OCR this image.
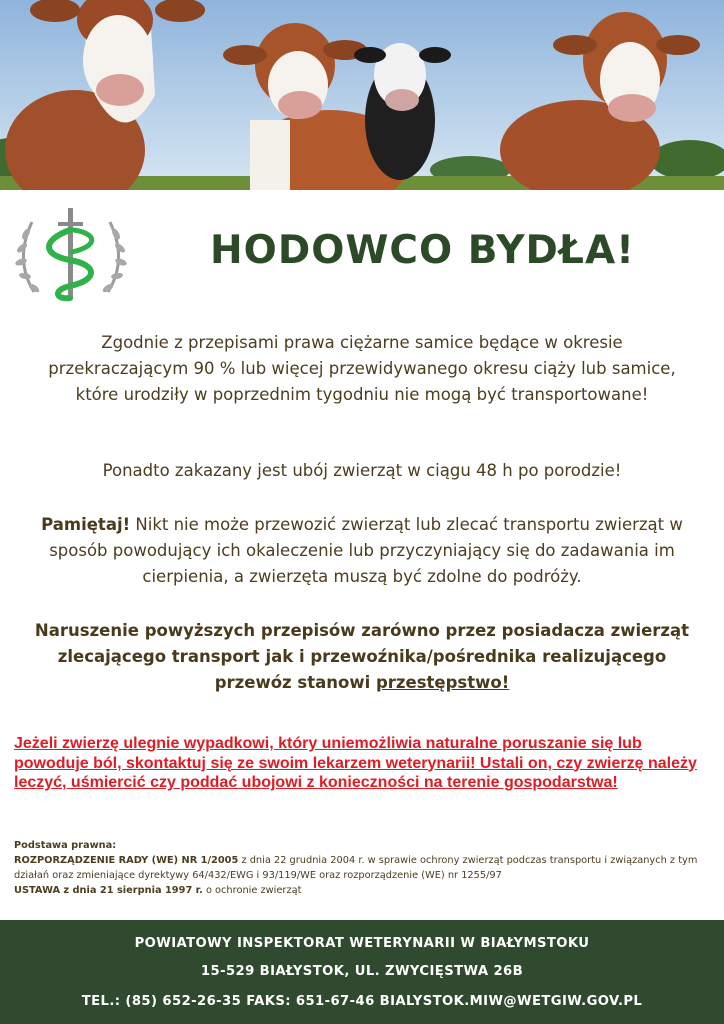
HODOWCO BYDŁA!

Zgodnie z przepisami prawa ciężarne samice będące w okresie przekraczającym 90 % lub więcej przewidywanego okresu ciąży lub samice, które urodziły w poprzednim tygodniu nie mogą być transportowane!

Ponadto zakazany jest ubój zwierząt w ciągu 48 h po porodzie!

Pamiętaj! Nikt nie może przewozić zwierząt lub zlecać transportu zwierząt w sposób powodujący ich okaleczenie lub przyczyniający się do zadawania im cierpienia, a zwierzęta muszą być zdolne do podróży.

Naruszenie powyższych przepisów zarówno przez posiadacza zwierząt zlecającego transport jak i przewoźnika/pośrednika realizującego przewóz stanowi przestępstwo!

Jeżeli zwierzę ulegnie wypadkowi, który uniemożliwia naturalne poruszanie się lub powoduje ból, skontaktuj się ze swoim lekarzem weterynarii! Ustali on, czy zwierzę należy leczyć, uśmiercić czy poddać ubojowi z konieczności na terenie gospodarstwa!

Podstawa prawna:
ROZPORZĄDZENIE RADY (WE) NR 1/2005 z dnia 22 grudnia 2004 r. w sprawie ochrony zwierząt podczas transportu i związanych z tym działań oraz zmieniające dyrektywy 64/432/EWG i 93/119/WE oraz rozporządzenie (WE) nr 1255/97
USTAWA z dnia 21 sierpnia 1997 r. o ochronie zwierząt
POWIATOWY INSPEKTORAT WETERYNARII W BIAŁYMSTOKU
15-529 BIAŁYSTOK, UL. ZWYCIĘSTWA 26B
TEL.: (85) 652-26-35 FAKS: 651-67-46 BIALYSTOK.MIW@WETGIW.GOV.PL
